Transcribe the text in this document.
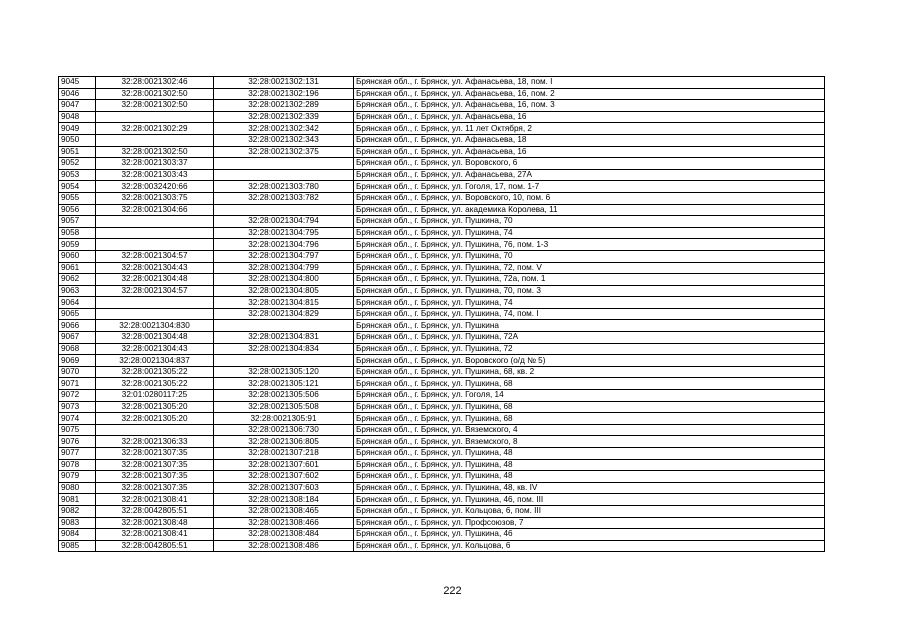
9045	32:28:0021302:46	32:28:0021302:131	Брянская обл., г. Брянск, ул. Афанасьева, 18, пом. I
9046	32:28:0021302:50	32:28:0021302:196	Брянская обл., г. Брянск, ул. Афанасьева, 16, пом. 2
9047	32:28:0021302:50	32:28:0021302:289	Брянская обл., г. Брянск, ул. Афанасьева, 16, пом. 3
9048		32:28:0021302:339	Брянская обл., г. Брянск, ул. Афанасьева, 16
9049	32:28:0021302:29	32:28:0021302:342	Брянская обл., г. Брянск, ул. 11 лет Октября, 2
9050		32:28:0021302:343	Брянская обл., г. Брянск, ул. Афанасьева, 18
9051	32:28:0021302:50	32:28:0021302:375	Брянская обл., г. Брянск, ул. Афанасьева, 16
9052	32:28:0021303:37		Брянская обл., г. Брянск, ул. Воровского, 6
9053	32:28:0021303:43		Брянская обл., г. Брянск, ул. Афанасьева, 27А
9054	32:28:0032420:66	32:28:0021303:780	Брянская обл., г. Брянск, ул. Гоголя, 17, пом. 1-7
9055	32:28:0021303:75	32:28:0021303:782	Брянская обл., г. Брянск, ул. Воровского, 10, пом. 6
9056	32:28:0021304:66		Брянская обл., г. Брянск, ул. академика Королева, 11
9057		32:28:0021304:794	Брянская обл., г. Брянск, ул. Пушкина, 70
9058		32:28:0021304:795	Брянская обл., г. Брянск, ул. Пушкина, 74
9059		32:28:0021304:796	Брянская обл., г. Брянск, ул. Пушкина, 76, пом. 1-3
9060	32:28:0021304:57	32:28:0021304:797	Брянская обл., г. Брянск, ул. Пушкина, 70
9061	32:28:0021304:43	32:28:0021304:799	Брянская обл., г. Брянск, ул. Пушкина, 72, пом. V
9062	32:28:0021304:48	32:28:0021304:800	Брянская обл., г. Брянск, ул. Пушкина, 72а, пом. 1
9063	32:28:0021304:57	32:28:0021304:805	Брянская обл., г. Брянск, ул. Пушкина, 70, пом. 3
9064		32:28:0021304:815	Брянская обл., г. Брянск, ул. Пушкина, 74
9065		32:28:0021304:829	Брянская обл., г. Брянск, ул. Пушкина, 74, пом. I
9066	32:28:0021304:830		Брянская обл., г. Брянск, ул. Пушкина
9067	32:28:0021304:48	32:28:0021304:831	Брянская обл., г. Брянск, ул. Пушкина, 72А
9068	32:28:0021304:43	32:28:0021304:834	Брянская обл., г. Брянск, ул. Пушкина, 72
9069	32:28:0021304:837		Брянская обл., г. Брянск, ул. Воровского (о/д № 5)
9070	32:28:0021305:22	32:28:0021305:120	Брянская обл., г. Брянск, ул. Пушкина, 68, кв. 2
9071	32:28:0021305:22	32:28:0021305:121	Брянская обл., г. Брянск, ул. Пушкина, 68
9072	32:01:0280117:25	32:28:0021305:506	Брянская обл., г. Брянск, ул. Гоголя, 14
9073	32:28:0021305:20	32:28:0021305:508	Брянская обл., г. Брянск, ул. Пушкина, 68
9074	32:28:0021305:20	32:28:0021305:91	Брянская обл., г. Брянск, ул. Пушкина, 68
9075		32:28:0021306:730	Брянская обл., г. Брянск, ул. Вяземского, 4
9076	32:28:0021306:33	32:28:0021306:805	Брянская обл., г. Брянск, ул. Вяземского, 8
9077	32:28:0021307:35	32:28:0021307:218	Брянская обл., г. Брянск, ул. Пушкина, 48
9078	32:28:0021307:35	32:28:0021307:601	Брянская обл., г. Брянск, ул. Пушкина, 48
9079	32:28:0021307:35	32:28:0021307:602	Брянская обл., г. Брянск, ул. Пушкина, 48
9080	32:28:0021307:35	32:28:0021307:603	Брянская обл., г. Брянск, ул. Пушкина, 48, кв. IV
9081	32:28:0021308:41	32:28:0021308:184	Брянская обл., г. Брянск, ул. Пушкина, 46, пом. III
9082	32:28:0042805:51	32:28:0021308:465	Брянская обл., г. Брянск, ул. Кольцова, 6, пом. III
9083	32:28:0021308:48	32:28:0021308:466	Брянская обл., г. Брянск, ул. Профсоюзов, 7
9084	32:28:0021308:41	32:28:0021308:484	Брянская обл., г. Брянск, ул. Пушкина, 46
9085	32:28:0042805:51	32:28:0021308:486	Брянская обл., г. Брянск, ул. Кольцова, 6
222
